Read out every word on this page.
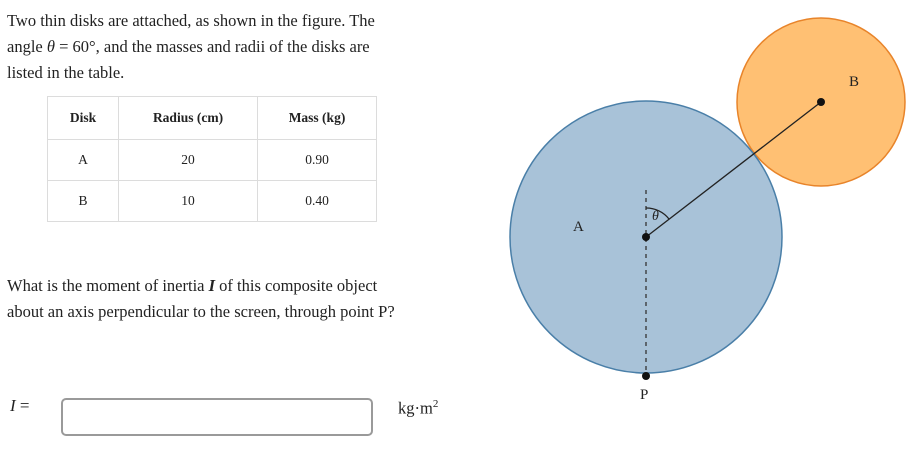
Two thin disks are attached, as shown in the figure. The

angle θ = 60°, and the masses and radii of the disks are

listed in the table.

Disk	Radius (cm)	Mass (kg)
A	20	0.90
B	10	0.40

What is the moment of inertia I of this composite object

about an axis perpendicular to the screen, through point P?

I =	$kg\cdot m^2$
θ
A
B
P
